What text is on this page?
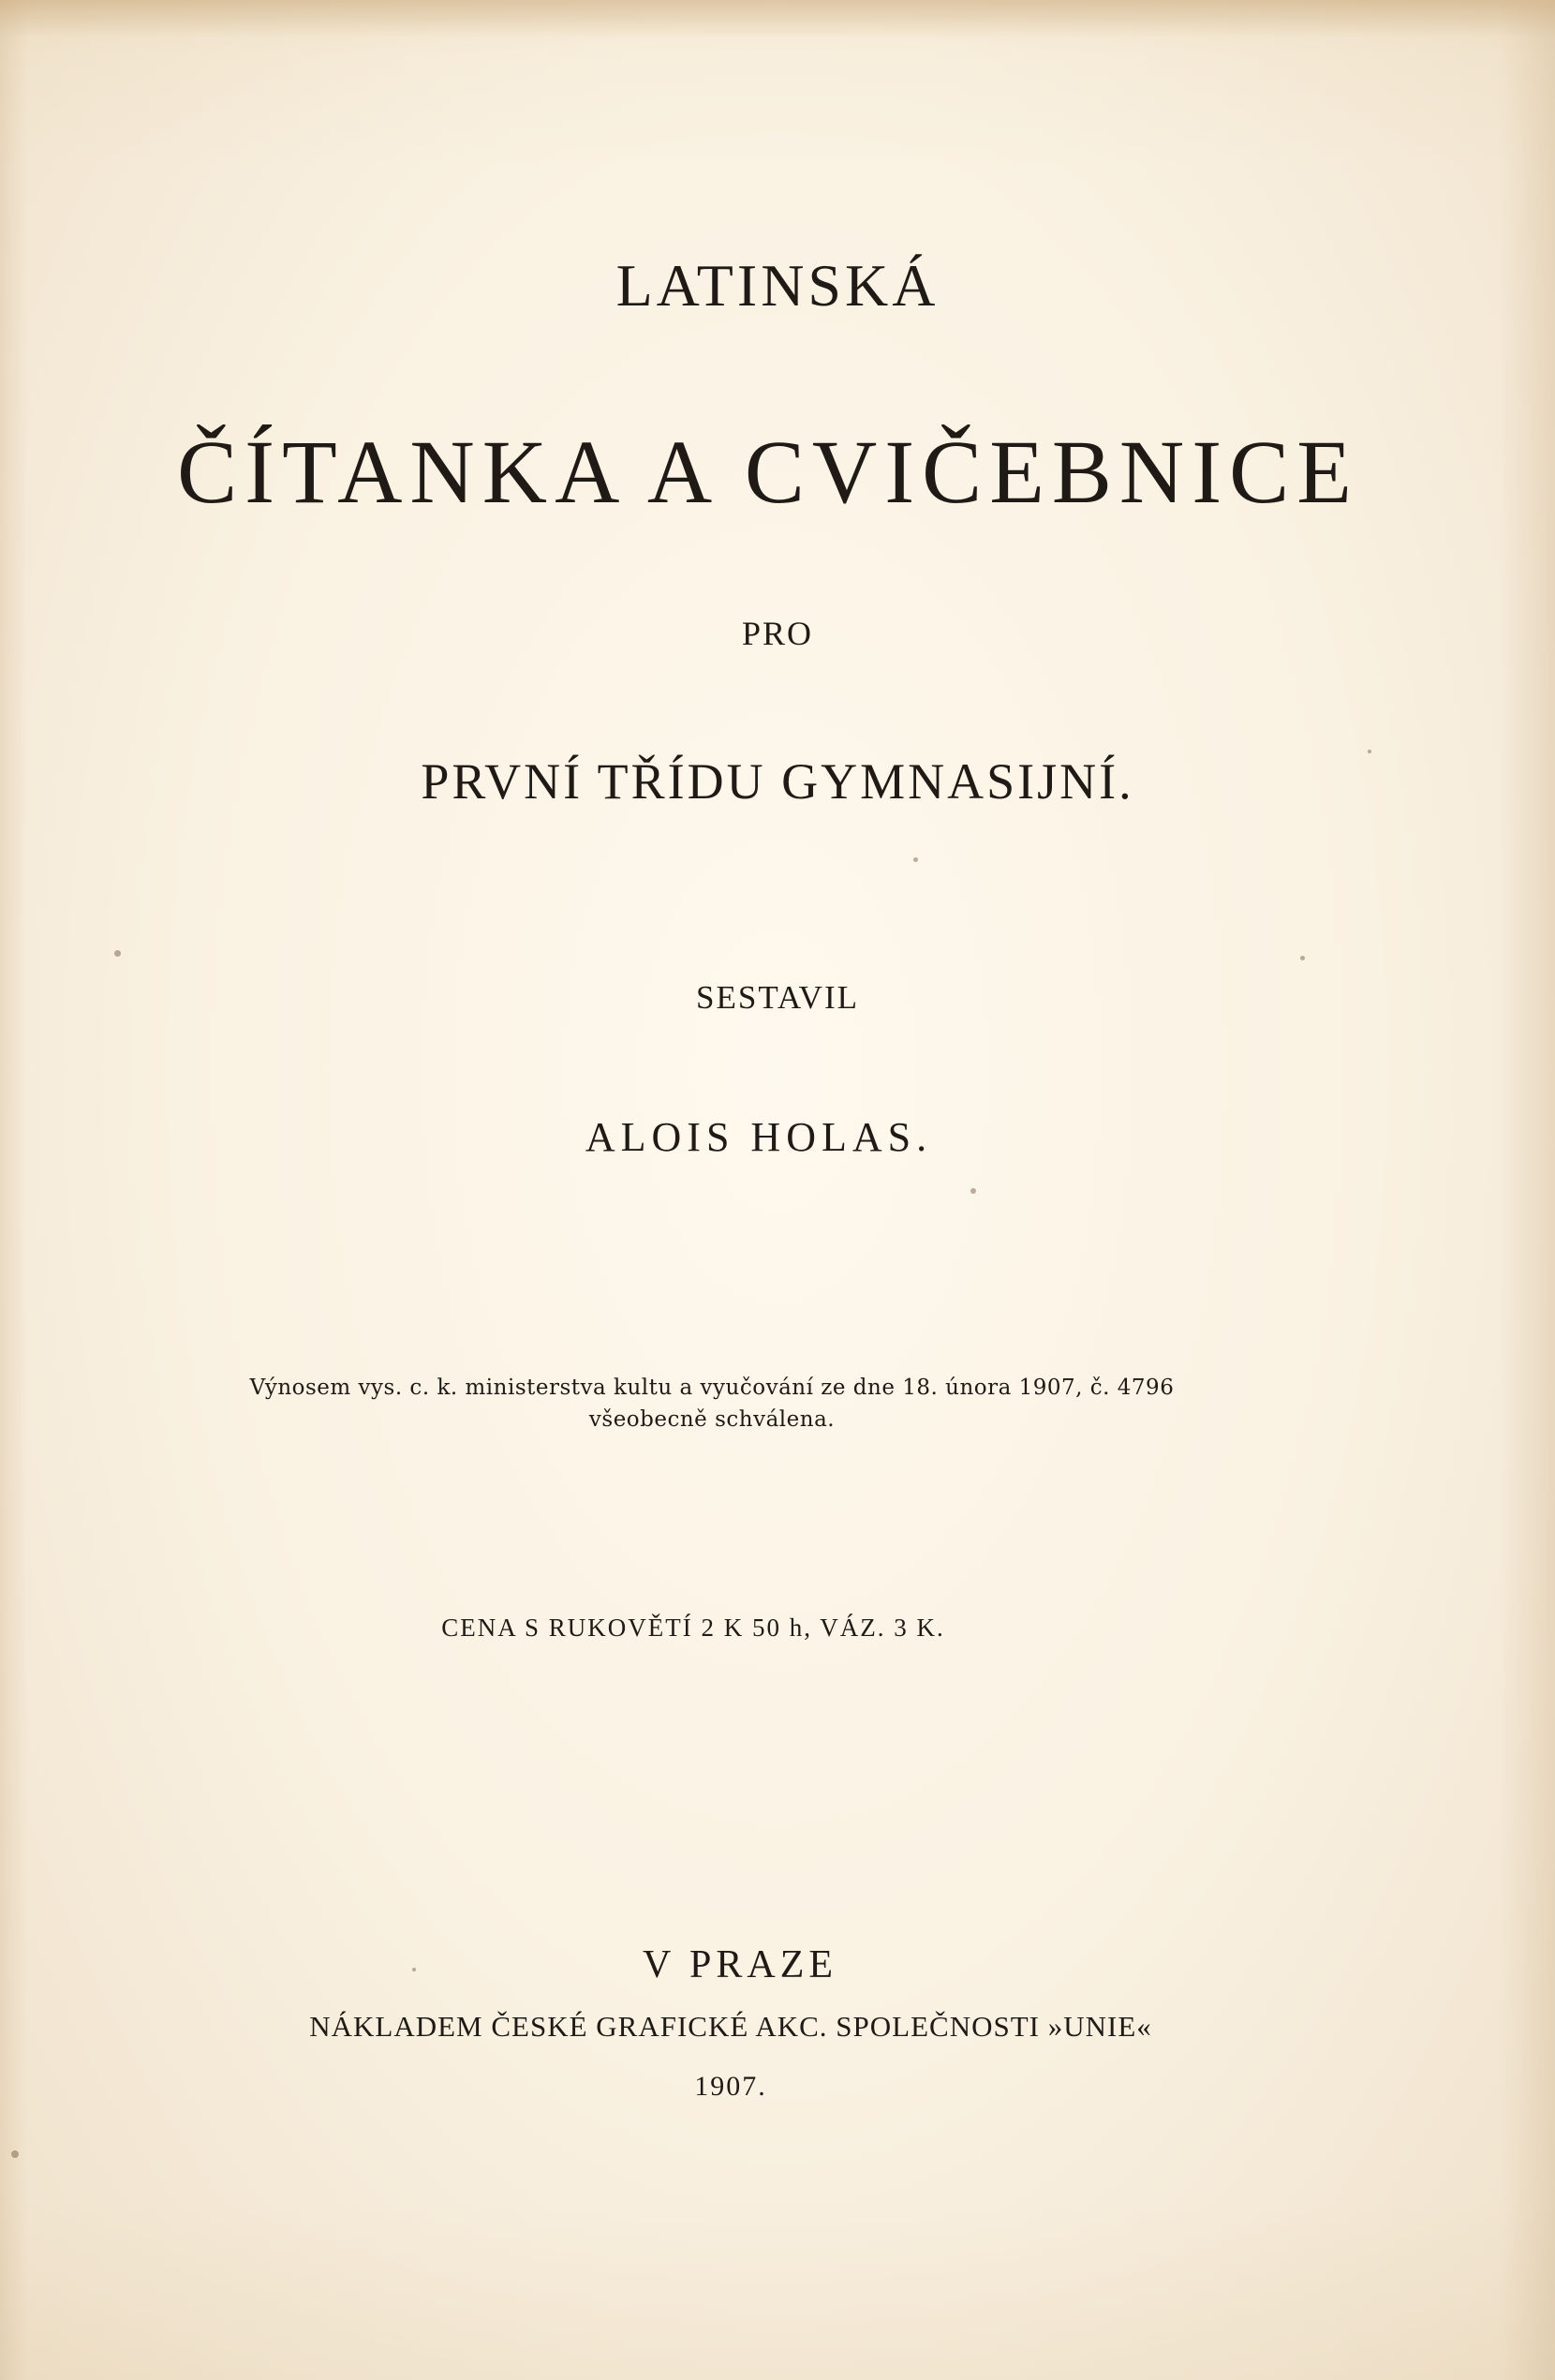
LATINSKÁ
ČÍTANKA A CVIČEBNICE
PRO
PRVNÍ TŘÍDU GYMNASIJNÍ.
SESTAVIL
ALOIS HOLAS.
Výnosem vys. c. k. ministerstva kultu a vyučování ze dne 18. února 1907, č. 4796
všeobecně schválena.
CENA S RUKOVĚTÍ 2 K 50 h, VÁZ. 3 K.
V PRAZE
NÁKLADEM ČESKÉ GRAFICKÉ AKC. SPOLEČNOSTI »UNIE«
1907.
